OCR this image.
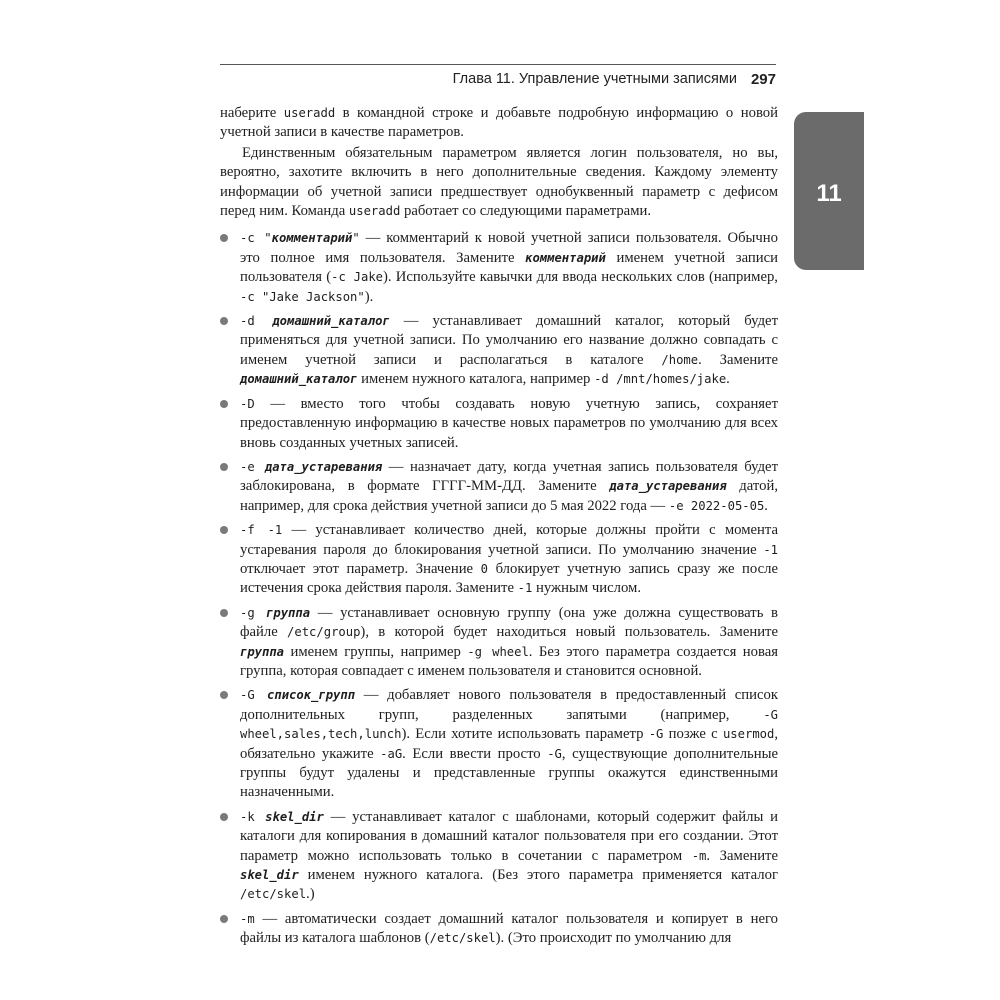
Глава 11. Управление учетными записями 297
11

наберите useradd в командной строке и добавьте подробную информацию о новой учетной записи в качестве параметров.

Единственным обязательным параметром является логин пользователя, но вы, вероятно, захотите включить в него дополнительные сведения. Каждому элементу информации об учетной записи предшествует однобуквенный параметр с дефисом перед ним. Команда useradd работает со следующими параметрами.

-c "комментарий" — комментарий к новой учетной записи пользователя. Обычно это полное имя пользователя. Замените комментарий именем учетной записи пользователя (-c Jake). Используйте кавычки для ввода нескольких слов (например, -c "Jake Jackson").
-d домашний_каталог — устанавливает домашний каталог, который будет применяться для учетной записи. По умолчанию его название должно совпадать с именем учетной записи и располагаться в каталоге /home. Замените домашний_каталог именем нужного каталога, например -d /mnt/homes/jake.
-D — вместо того чтобы создавать новую учетную запись, сохраняет предоставленную информацию в качестве новых параметров по умолчанию для всех вновь созданных учетных записей.
-e дата_устаревания — назначает дату, когда учетная запись пользователя будет заблокирована, в формате ГГГГ-ММ-ДД. Замените дата_устаревания датой, например, для срока действия учетной записи до 5 мая 2022 года — -e 2022-05-05.
-f -1 — устанавливает количество дней, которые должны пройти с момента устаревания пароля до блокирования учетной записи. По умолчанию значение -1 отключает этот параметр. Значение 0 блокирует учетную запись сразу же после истечения срока действия пароля. Замените -1 нужным числом.
-g группа — устанавливает основную группу (она уже должна существовать в файле /etc/group), в которой будет находиться новый пользователь. Замените группа именем группы, например -g wheel. Без этого параметра создается новая группа, которая совпадает с именем пользователя и становится основной.
-G список_групп — добавляет нового пользователя в предоставленный список дополнительных групп, разделенных запятыми (например, -G wheel,sales,tech,lunch). Если хотите использовать параметр -G позже с usermod, обязательно укажите -aG. Если ввести просто -G, существующие дополнительные группы будут удалены и представленные группы окажутся единственными назначенными.
-k skel_dir — устанавливает каталог с шаблонами, который содержит файлы и каталоги для копирования в домашний каталог пользователя при его создании. Этот параметр можно использовать только в сочетании с параметром -m. Замените skel_dir именем нужного каталога. (Без этого параметра применяется каталог /etc/skel.)
-m — автоматически создает домашний каталог пользователя и копирует в него файлы из каталога шаблонов (/etc/skel). (Это происходит по умолчанию для
